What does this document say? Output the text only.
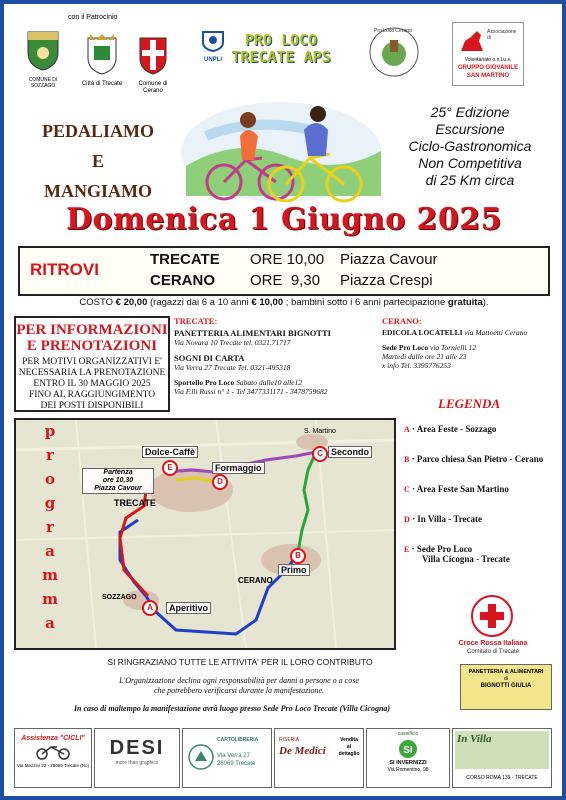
con il Patrocinio
COMUNE DI
SOZZAGO	Città di Trecate	Comune di Cerano
UNPLI
PRO LOCO
TRECATE APS
Pro Loco Cerano	Associazione di
Volontariato o.n.l.u.s.
GRUPPO GIOVANILE
SAN MARTINO
PEDALIAMO
E
MANGIAMO
25° Edizione
Escursione
Ciclo-Gastronomica
Non Competitiva
di 25 Km circa
Domenica 1 Giugno 2025
RITROVI
TRECATE ORE 10,00 Piazza Cavour
CERANO ORE  9,30 Piazza Crespi
COSTO € 20,00 (ragazzi dai 6 a 10 anni € 10,00 ; bambini sotto i 6 anni partecipazione gratuita).
PER INFORMAZIONI
E PRENOTAZIONI
PER MOTIVI ORGANIZZATIVI E'
NECESSARIA LA PRENOTAZIONE
ENTRO IL 30 MAGGIO 2025
FINO AL RAGGIUNGIMENTO
DEI POSTI DISPONIBILI
TRECATE:
PANETTERIA ALIMENTARI BIGNOTTI
Via Novara 10 Trecate tel. 0321.71717
SOGNI DI CARTA
Via Verra 27 Trecate Tel. 0321-495318
Sportello Pro Loco Sabato dalle10 alle12
Via F.lli Russi n° 1 - Tel 3477331171 - 3478759682
CERANO:
EDICOLA LOCATELLI via Mattoetti Cerano
Sede Pro Loco via Tornielli 12
Martedì dalle ore 21 alle 23
x info Tel. 3395776253
Dolce-Caffè
Formaggio
Secondo
Primo
Aperitivo
Partenza
ore 10,30
Piazza Cavour
TRECATE
CERANO
SOZZAGO
S. Martino
E
D
C
B
A
p
r
o
g
r
a
m
m
a
LEGENDA
A · Area Feste - Sozzago
B · Parco chiesa San Pietro - Cerano
C · Area Feste San Martino
D · In Villa - Trecate
E · Sede Pro Loco
Villa Cicogna - Trecate
Croce Rossa Italiana
Comitato di Trecate
SI RINGRAZIANO TUTTE LE ATTIVITA' PER IL LORO CONTRIBUTO
L'Organizzazione declina ogni responsabilità per danni a persone o a cose
che potrebbero verificarsi durante la manifestazione.
In caso di maltempo la manifestazione avrà luogo presso Sede Pro Loco Trecate (Villa Cicogna)
PANETTERIA & ALIMENTARI
di
BIGNOTTI GIULIA
Assistenza "CICLI"
Via Mazzini 22 - 28069 Trecate (No)
DESI
more than graphics
CARTOLIBRERIA
Via Verra 27
28069 Trecate
RISERIA
De Medici
Vendita
al
dettaglio
caseificio
SI
SI INVERNIZZI
Via Romentino, 98
In Villa
CORSO ROMA 139 - TRECATE
